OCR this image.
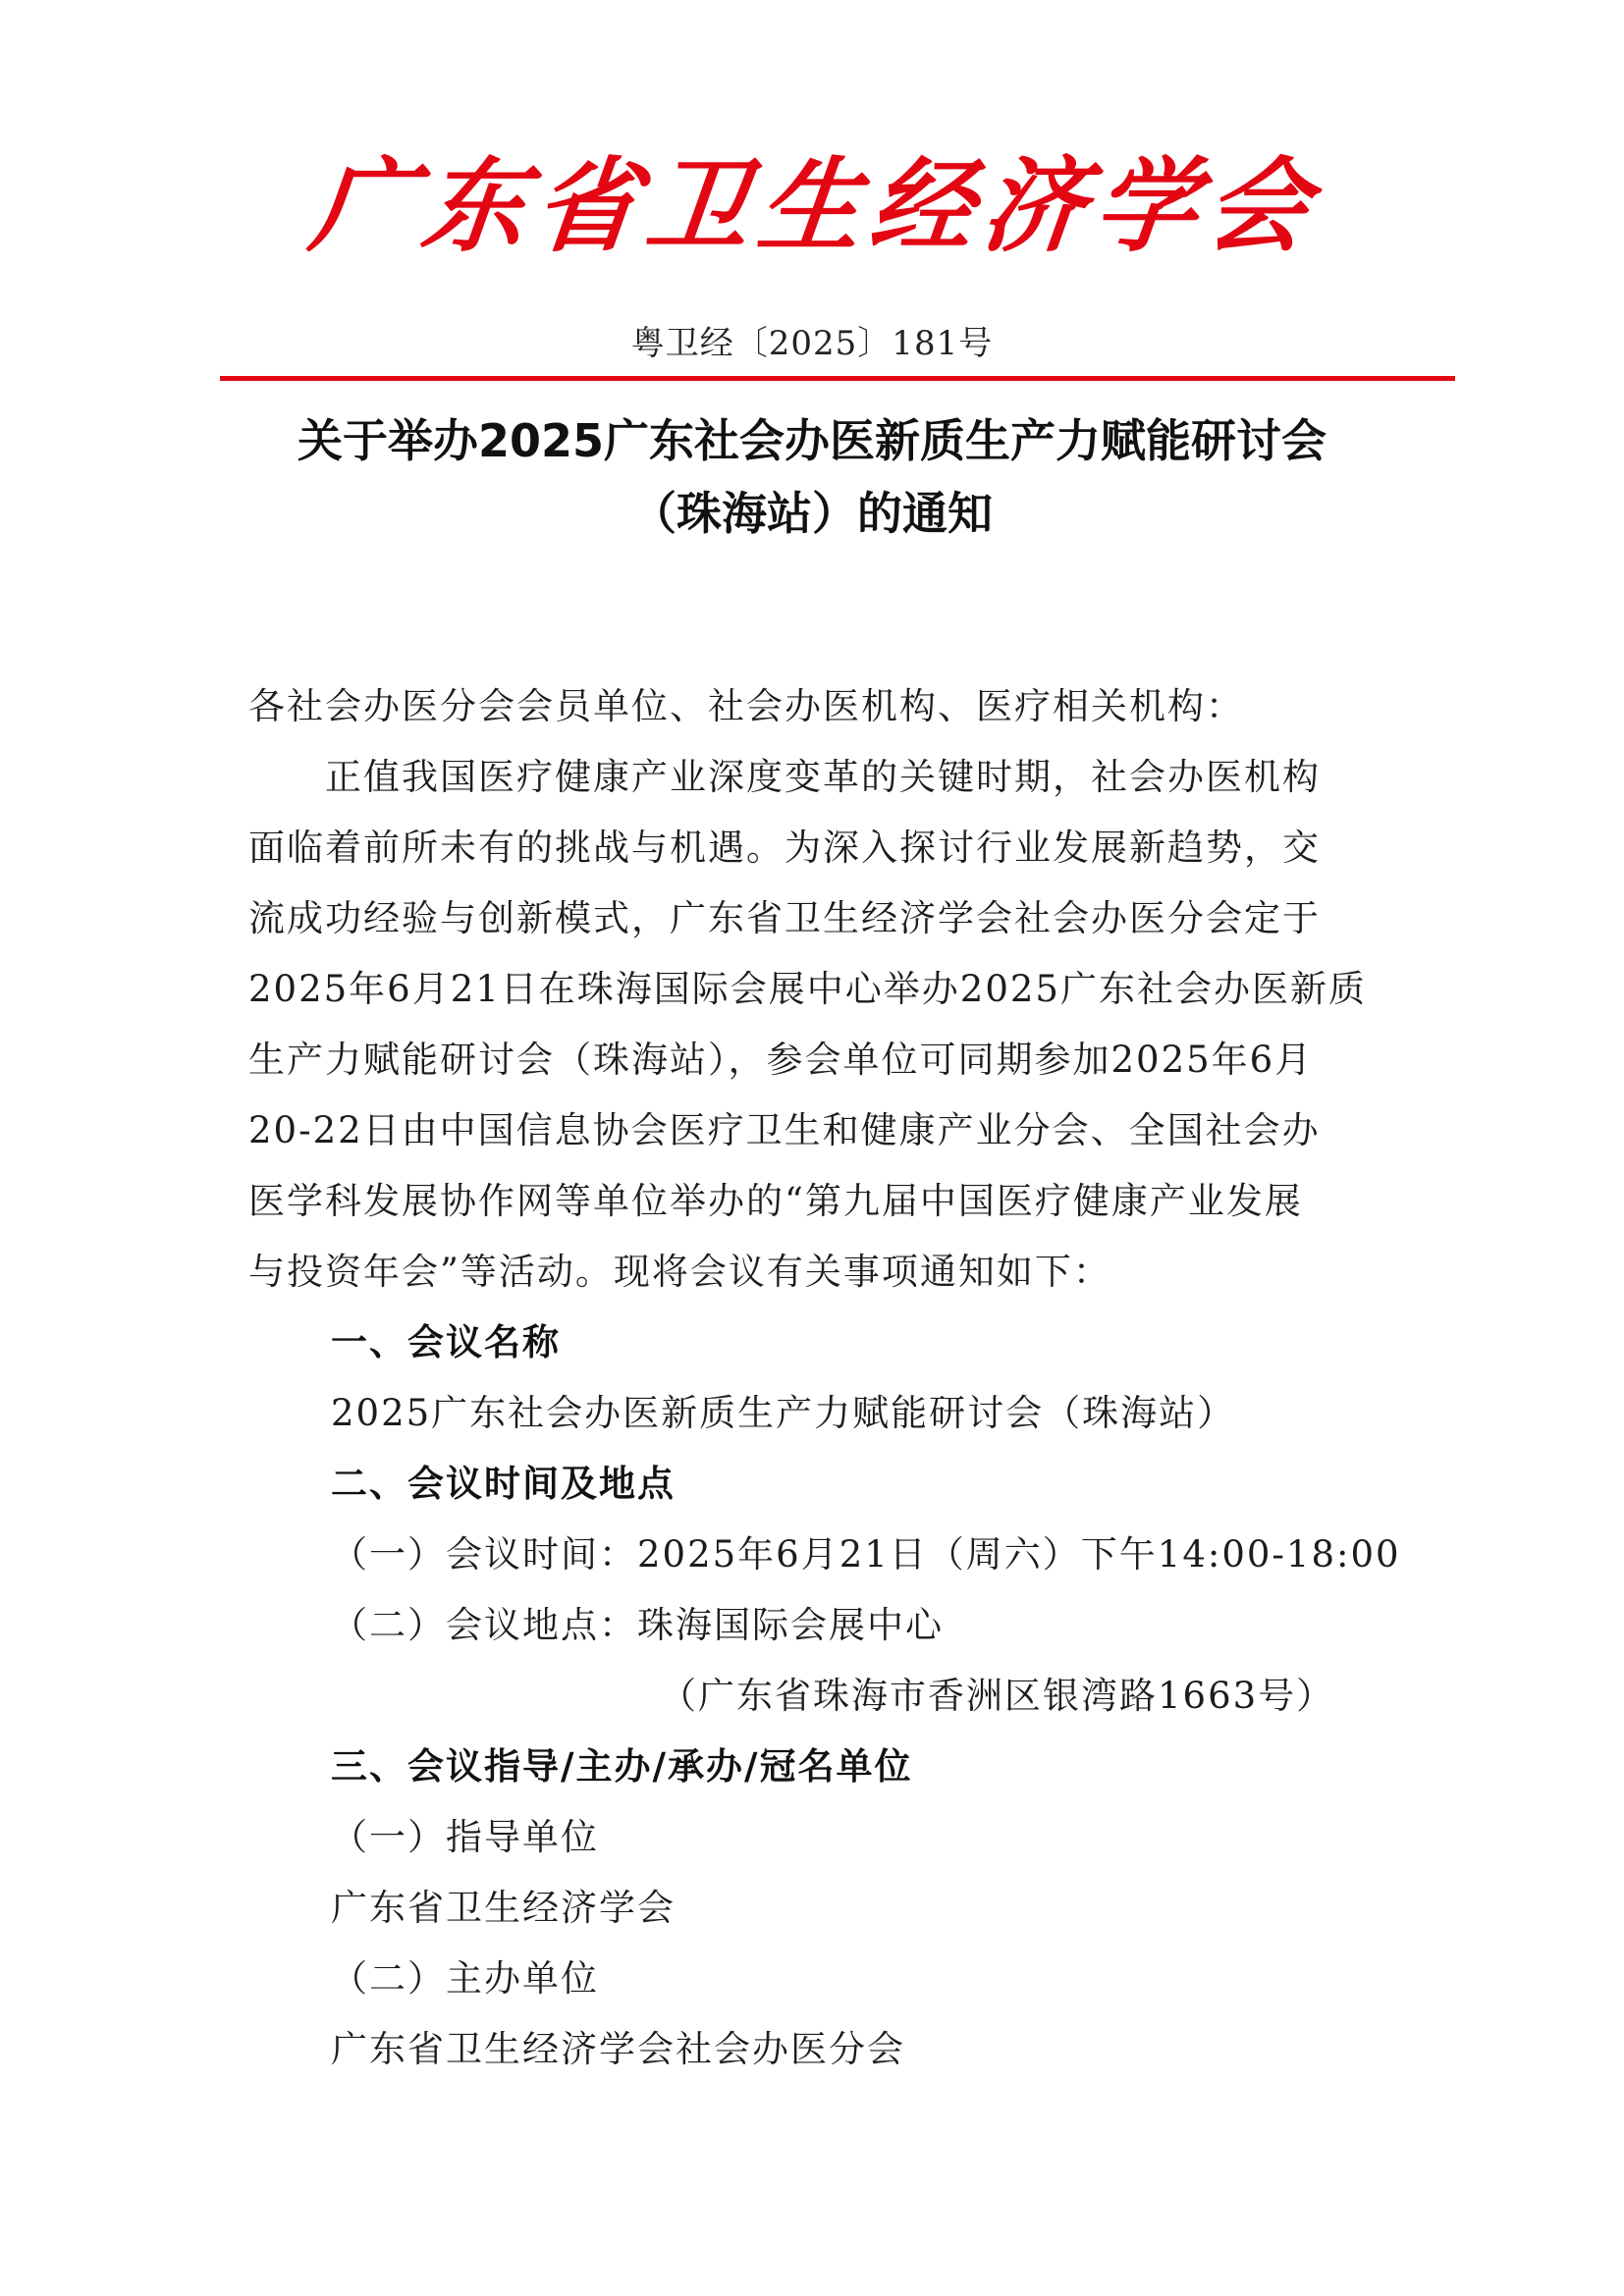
广东省卫生经济学会
粤卫经〔2025〕181号
关于举办2025广东社会办医新质生产力赋能研讨会
（珠海站）的通知
各社会办医分会会员单位、社会办医机构、医疗相关机构：
　　正值我国医疗健康产业深度变革的关键时期，社会办医机构
面临着前所未有的挑战与机遇。为深入探讨行业发展新趋势，交
流成功经验与创新模式，广东省卫生经济学会社会办医分会定于
2025年6月21日在珠海国际会展中心举办2025广东社会办医新质
生产力赋能研讨会（珠海站），参会单位可同期参加2025年6月
20-22日由中国信息协会医疗卫生和健康产业分会、全国社会办
医学科发展协作网等单位举办的“第九届中国医疗健康产业发展
与投资年会”等活动。现将会议有关事项通知如下：
一、会议名称
2025广东社会办医新质生产力赋能研讨会（珠海站）
二、会议时间及地点
（一）会议时间：2025年6月21日（周六）下午14:00-18:00
（二）会议地点：珠海国际会展中心
（广东省珠海市香洲区银湾路1663号）
三、会议指导/主办/承办/冠名单位
（一）指导单位
广东省卫生经济学会
（二）主办单位
广东省卫生经济学会社会办医分会
